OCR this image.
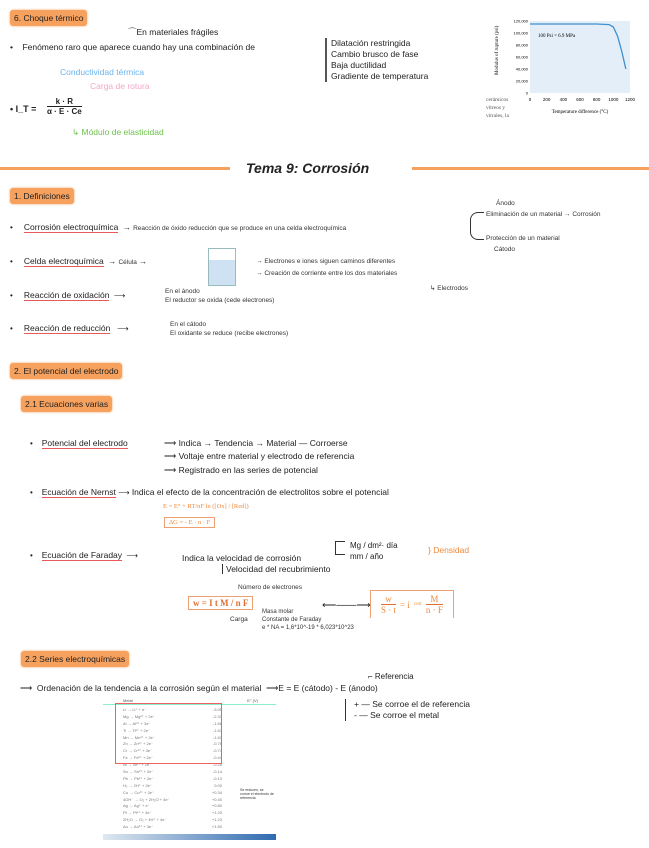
6. Choque térmico
⌒En materiales frágiles
•    Fenómeno raro que aparece cuando hay una combinación de	Dilatación restringida
Cambio brusco de fase
Baja ductilidad
Gradiente de temperatura
Conductividad térmica
Carga de rotura
• I_T = $\frac{k \cdot R}{\alpha \cdot E \cdot Ce}$
↳ Módulo de elasticidad
0	200 400 600 800 1000 1200
0
20,000
40,000
60,000
80,000
100,000
120,000
100 Psi = 6.9 MPa
Temperature difference (°C)
Modulus of rupture (psi)
cerámicos
vítreos y
vitrales, la
Tema 9: Corrosión
1. Definiciones
•     Corrosión electroquímica  → Reacción de óxido reducción que se produce en una celda electroquímica
Ánodo
Eliminación de un material → Corrosión
Protección de un material
Cátodo
•     Celda electroquímica  → Célula →	→ Electrones e iones siguen caminos diferentes
→ Creación de corriente entre los dos materiales
↳ Electrodos
•     Reacción de oxidación  ⟶	En el ánodo
El reductor se oxida (cede electrones)
•     Reacción de reducción   ⟶	En el cátodo
El oxidante se reduce (recibe electrones)
2. El potencial del electrodo
2.1 Ecuaciones varias
•    Potencial del electrodo	⟶ Indica → Tendencia → Material — Corroerse
⟶ Voltaje entre material y electrodo de referencia
⟶ Registrado en las series de potencial
•    Ecuación de Nernst ⟶ Indica el efecto de la concentración de electrolitos sobre el potencial
E = E° + RT/nF ln ([Ox] / [Red])
ΔG = - E · n · F
•    Ecuación de Faraday  ⟶	Indica la velocidad de corrosión
Velocidad del recubrimiento
Mg / dm²· día
mm / año
} Densidad
Número de electrones
w = I t M / n F
Carga
Masa molar
Constante de Faraday
e * NA = 1,6*10^-19 * 6,023*10^23
⟵——⟶ $\frac{w}{S \cdot t} = i$ corr $\frac{M}{n \cdot F}$
2.2 Series electroquímicas
⟶  Ordenación de la tendencia a la corrosión según el material  ⟶E = E (cátodo) - E (ánodo)
⌐ Referencia
+ — Se corroe el de referencia
- — Se corroe el metal
Metal	E° (V)
Li → Li⁺ + e⁻	-3.05
Mg → Mg²⁺ + 2e⁻	-2.37
Al → Al³⁺ + 3e⁻	-1.66
Ti → Ti²⁺ + 2e⁻	-1.63
Mn → Mn²⁺ + 2e⁻	-1.63
Zn → Zn²⁺ + 2e⁻	-0.76
Cr → Cr³⁺ + 3e⁻	-0.74
Fe → Fe²⁺ + 2e⁻	-0.44
Ni → Ni²⁺ + 2e⁻	-0.25
Sn → Sn²⁺ + 2e⁻	-0.14
Pb → Pb²⁺ + 2e⁻	-0.13
H₂ → 2H⁺ + 2e⁻	0.00
Cu → Cu²⁺ + 2e⁻	+0.34
4OH⁻ → O₂ + 2H₂O + 4e⁻	+0.40
Ag → Ag⁺ + e⁻	+0.80
Pt → Pt⁴⁺ + 4e⁻	+1.20
2H₂O → O₂ + 4H⁺ + 4e⁻	+1.23
Au → Au³⁺ + 3e⁻	+1.50
Se reducen, se corroe el electrodo de referencia
